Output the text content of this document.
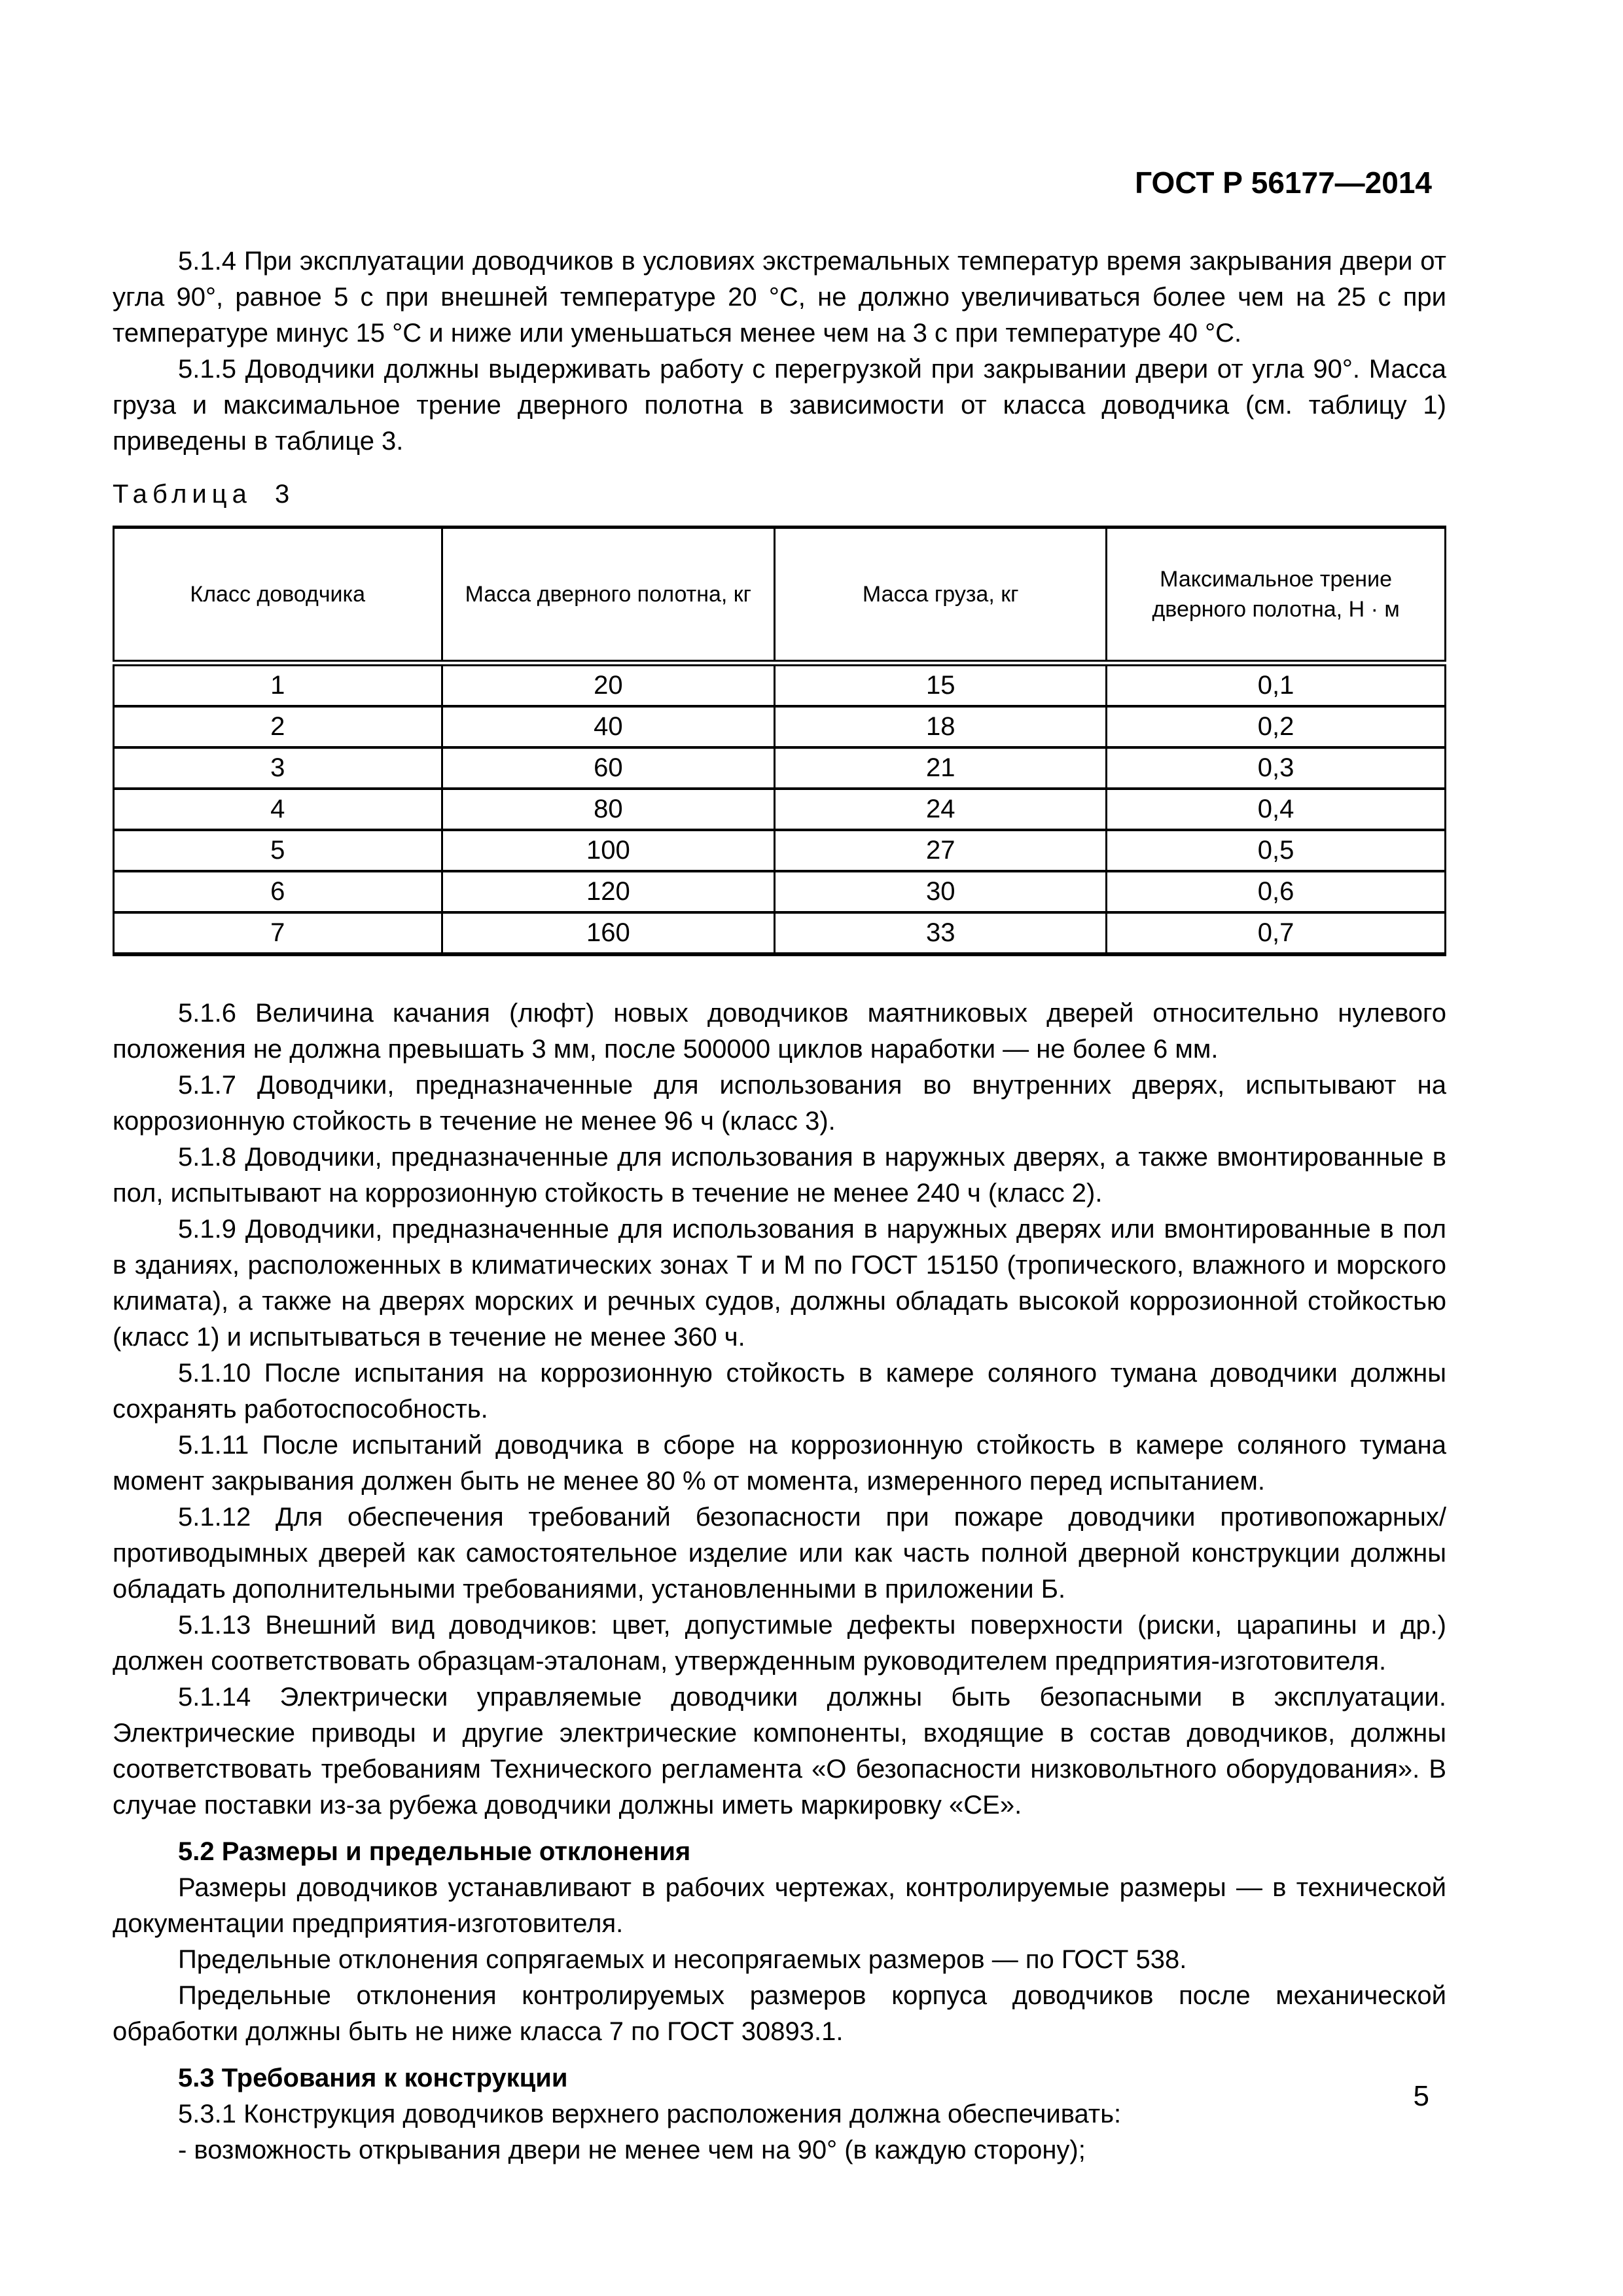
ГОСТ Р 56177—2014

5.1.4 При эксплуатации доводчиков в условиях экстремальных температур время закрывания двери от угла 90°, равное 5 с при внешней температуре 20 °С, не должно увеличиваться более чем на 25 с при температуре минус 15 °С и ниже или уменьшаться менее чем на 3 с при температуре 40 °С.

5.1.5 Доводчики должны выдерживать работу с перегрузкой при закрывании двери от угла 90°. Масса груза и максимальное трение дверного полотна в зависимости от класса доводчика (см. таблицу 1) приведены в таблице 3.

Таблица 3
Класс доводчика	Масса дверного полотна, кг	Масса груза, кг	Максимальное трение дверного полотна, Н · м
1	20	15	0,1
2	40	18	0,2
3	60	21	0,3
4	80	24	0,4
5	100	27	0,5
6	120	30	0,6
7	160	33	0,7

5.1.6 Величина качания (люфт) новых доводчиков маятниковых дверей относительно нулевого положения не должна превышать 3 мм, после 500000 циклов наработки — не более 6 мм.

5.1.7 Доводчики, предназначенные для использования во внутренних дверях, испытывают на коррозионную стойкость в течение не менее 96 ч (класс 3).

5.1.8 Доводчики, предназначенные для использования в наружных дверях, а также вмонтированные в пол, испытывают на коррозионную стойкость в течение не менее 240 ч (класс 2).

5.1.9 Доводчики, предназначенные для использования в наружных дверях или вмонтированные в пол в зданиях, расположенных в климатических зонах Т и М по ГОСТ 15150 (тропического, влажного и морского климата), а также на дверях морских и речных судов, должны обладать высокой коррозионной стойкостью (класс 1) и испытываться в течение не менее 360 ч.

5.1.10 После испытания на коррозионную стойкость в камере соляного тумана доводчики должны сохранять работоспособность.

5.1.11 После испытаний доводчика в сборе на коррозионную стойкость в камере соляного тумана момент закрывания должен быть не менее 80 % от момента, измеренного перед испытанием.

5.1.12 Для обеспечения требований безопасности при пожаре доводчики противопожарных/противодымных дверей как самостоятельное изделие или как часть полной дверной конструкции должны обладать дополнительными требованиями, установленными в приложении Б.

5.1.13 Внешний вид доводчиков: цвет, допустимые дефекты поверхности (риски, царапины и др.) должен соответствовать образцам-эталонам, утвержденным руководителем предприятия-изготовителя.

5.1.14 Электрически управляемые доводчики должны быть безопасными в эксплуатации. Электрические приводы и другие электрические компоненты, входящие в состав доводчиков, должны соответствовать требованиям Технического регламента «О безопасности низковольтного оборудования». В случае поставки из-за рубежа доводчики должны иметь маркировку «СЕ».

5.2 Размеры и предельные отклонения

Размеры доводчиков устанавливают в рабочих чертежах, контролируемые размеры — в технической документации предприятия-изготовителя.

Предельные отклонения сопрягаемых и несопрягаемых размеров — по ГОСТ 538.

Предельные отклонения контролируемых размеров корпуса доводчиков после механической обработки должны быть не ниже класса 7 по ГОСТ 30893.1.

5.3 Требования к конструкции

5.3.1 Конструкция доводчиков верхнего расположения должна обеспечивать:

- возможность открывания двери не менее чем на 90° (в каждую сторону);

5
